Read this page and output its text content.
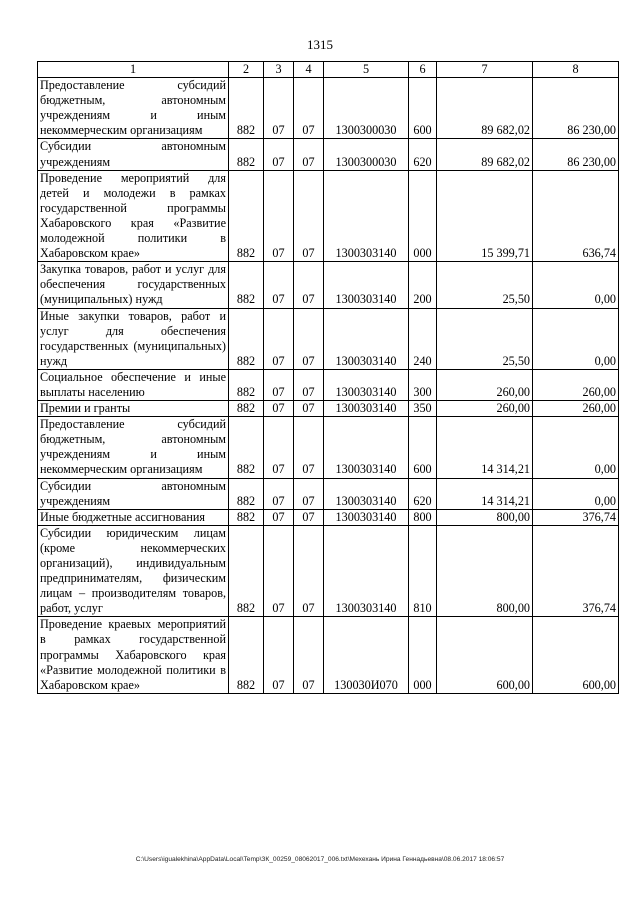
1315
1	2	3	4	5	6	7	8
Предоставление субсидий бюджетным, автономным учреждениям и иным некоммерческим организациям	882	07	07	1300300030	600	89 682,02	86 230,00
Субсидии автономным учреждениям	882	07	07	1300300030	620	89 682,02	86 230,00
Проведение мероприятий для детей и молодежи в рамках государственной программы Хабаровского края «Развитие молодежной политики в Хабаровском крае»	882	07	07	1300303140	000	15 399,71	636,74
Закупка товаров, работ и услуг для обеспечения государственных (муниципальных) нужд	882	07	07	1300303140	200	25,50	0,00
Иные закупки товаров, работ и услуг для обеспечения государственных (муниципальных) нужд	882	07	07	1300303140	240	25,50	0,00
Социальное обеспечение и иные выплаты населению	882	07	07	1300303140	300	260,00	260,00
Премии и гранты	882	07	07	1300303140	350	260,00	260,00
Предоставление субсидий бюджетным, автономным учреждениям и иным некоммерческим организациям	882	07	07	1300303140	600	14 314,21	0,00
Субсидии автономным учреждениям	882	07	07	1300303140	620	14 314,21	0,00
Иные бюджетные ассигнования	882	07	07	1300303140	800	800,00	376,74
Субсидии юридическим лицам (кроме некоммерческих организаций), индивидуальным предпринимателям, физическим лицам – производителям товаров, работ, услуг	882	07	07	1300303140	810	800,00	376,74
Проведение краевых мероприятий в рамках государственной программы Хабаровского края «Развитие молодежной политики в Хабаровском крае»	882	07	07	130030И070	000	600,00	600,00
C:\Users\igualekhina\AppData\Local\Temp\ЗК_00259_08062017_006.txt\Мехехань Ирина Геннадьевна\08.06.2017 18:06:57
